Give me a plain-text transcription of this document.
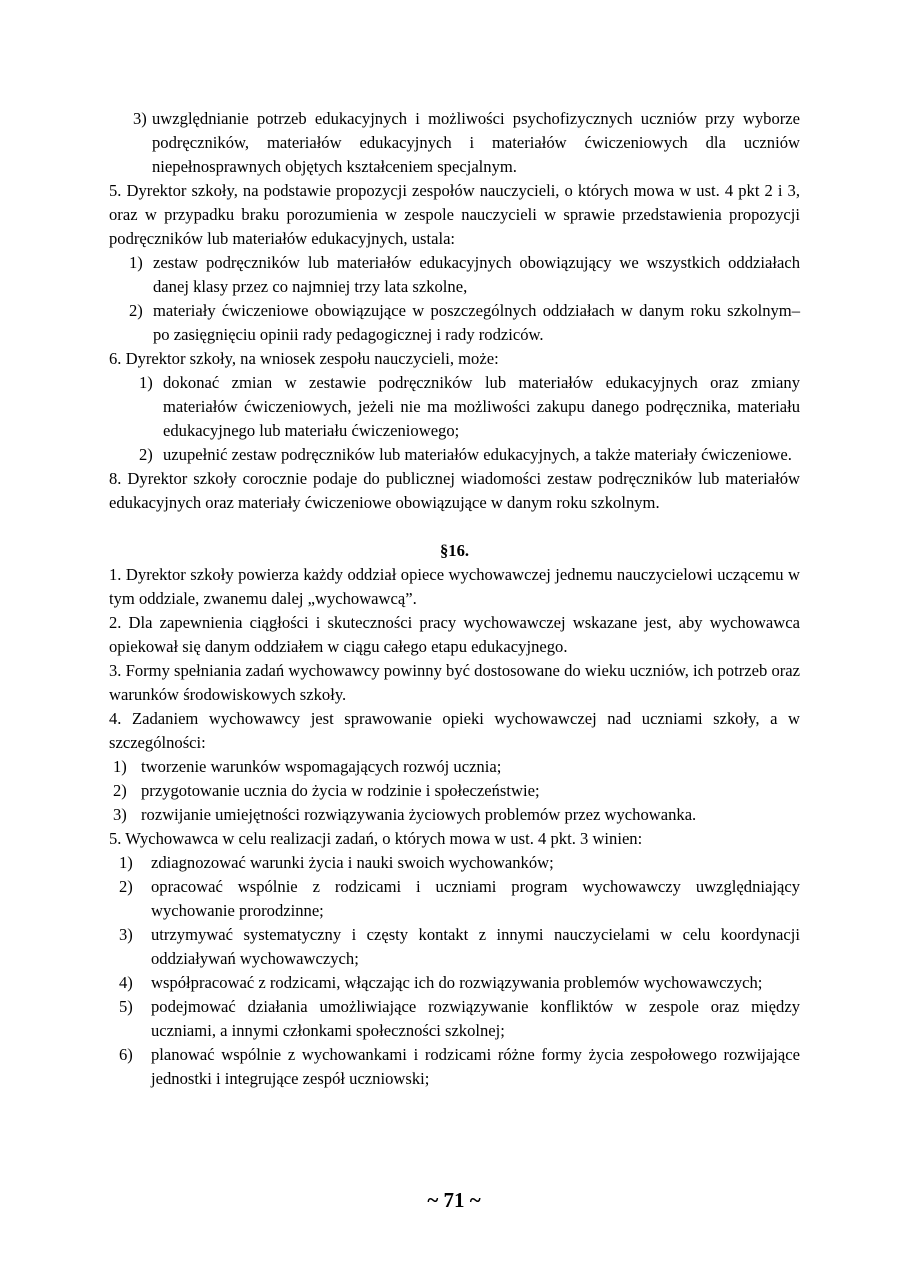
3) uwzględnianie potrzeb edukacyjnych i możliwości psychofizycznych uczniów przy wyborze podręczników, materiałów edukacyjnych i materiałów ćwiczeniowych dla uczniów niepełnosprawnych objętych kształceniem specjalnym.

5. Dyrektor szkoły, na podstawie propozycji zespołów nauczycieli, o których mowa w ust. 4 pkt 2 i 3, oraz w przypadku braku porozumienia w zespole nauczycieli w sprawie przedstawienia propozycji podręczników lub materiałów edukacyjnych, ustala:

1) zestaw podręczników lub materiałów edukacyjnych obowiązujący we wszystkich oddziałach danej klasy przez co najmniej trzy lata szkolne,
2) materiały ćwiczeniowe obowiązujące w poszczególnych oddziałach w danym roku szkolnym– po zasięgnięciu opinii rady pedagogicznej i rady rodziców.

6. Dyrektor szkoły, na wniosek zespołu nauczycieli, może:

1) dokonać zmian w zestawie podręczników lub materiałów edukacyjnych oraz zmiany materiałów ćwiczeniowych, jeżeli nie ma możliwości zakupu danego podręcznika, materiału edukacyjnego lub materiału ćwiczeniowego;
2) uzupełnić zestaw podręczników lub materiałów edukacyjnych, a także materiały ćwiczeniowe.

8. Dyrektor szkoły corocznie podaje do publicznej wiadomości zestaw podręczników lub materiałów edukacyjnych oraz materiały ćwiczeniowe obowiązujące w danym roku szkolnym.

§16.

1. Dyrektor szkoły powierza każdy oddział opiece wychowawczej jednemu nauczycielowi uczącemu w tym oddziale, zwanemu dalej „wychowawcą”.

2. Dla zapewnienia ciągłości i skuteczności pracy wychowawczej wskazane jest, aby wychowawca opiekował się danym oddziałem w ciągu całego etapu edukacyjnego.

3. Formy spełniania zadań wychowawcy powinny być dostosowane do wieku uczniów, ich potrzeb oraz warunków środowiskowych szkoły.

4. Zadaniem wychowawcy jest sprawowanie opieki wychowawczej nad uczniami szkoły, a w szczególności:

1) tworzenie warunków wspomagających rozwój ucznia;
2) przygotowanie ucznia do życia w rodzinie i społeczeństwie;
3) rozwijanie umiejętności rozwiązywania życiowych problemów przez wychowanka.

5. Wychowawca w celu realizacji zadań, o których mowa w ust. 4 pkt. 3 winien:

1)	zdiagnozować warunki życia i nauki swoich wychowanków;
2)	opracować wspólnie z rodzicami i uczniami program wychowawczy uwzględniający wychowanie prorodzinne;
3)	utrzymywać systematyczny i częsty kontakt z innymi nauczycielami w celu koordynacji oddziaływań wychowawczych;
4)	współpracować z rodzicami, włączając ich do rozwiązywania problemów wychowawczych;
5)	podejmować działania umożliwiające rozwiązywanie konfliktów w zespole oraz między uczniami, a innymi członkami społeczności szkolnej;
6)	planować wspólnie z wychowankami i rodzicami różne formy życia zespołowego rozwijające jednostki i integrujące zespół uczniowski;
~ 71 ~
